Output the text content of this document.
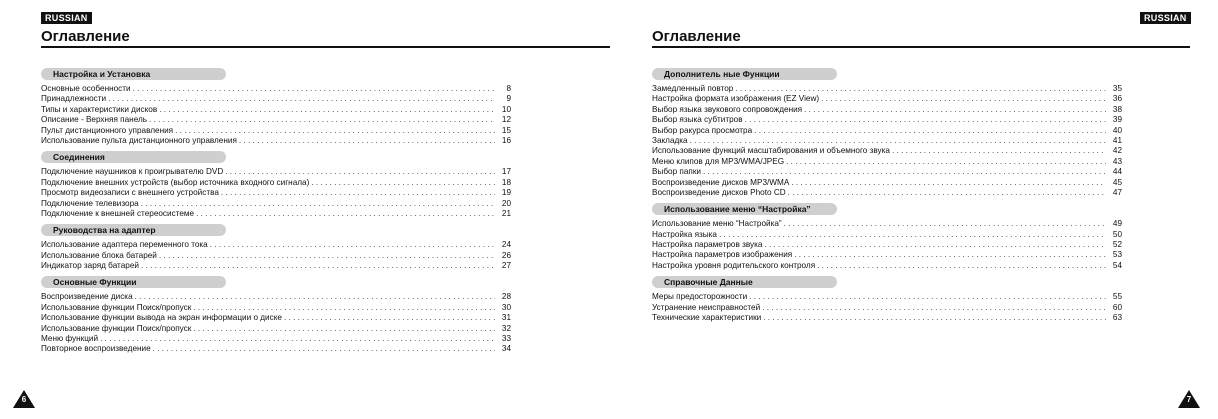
RUSSIAN
Оглавление
Настройка и Установка
Основные особенности . . .	8
Принадлежности . . .	9
Типы и характеристики дисков . . .	10
Описание - Верхняя панель . . .	12
Пульт дистанционного управления . . .	15
Использование пульта дистанционного управления . . .	16
Соединения
Подключение наушников к проигрывателю DVD . . .	17
Подключение внешних устройств (выбор источника входного сигнала) . . .	18
Просмотр видеозаписи с внешнего устройства . . .	19
Подключение телевизора . . .	20
Подключение к внешней стереосистеме . . .	21
Руководства на адаптер
Использование адаптера переменного тока . . .	24
Использование блока батарей . . .	26
Индикатор заряд батарей . . .	27
Основные Функции
Воспроизведение диска . . .	28
Использование функции Поиск/пропуск . . .	30
Использование функции вывода на экран информации о диске . . .	31
Использование функции Поиск/пропуск . . .	32
Меню функций . . .	33
Повторное воспроизведение . . .	34
6
RUSSIAN
Оглавление
Дополнитель ные Функции
Замедленный повтор . . .	35
Настройка формата изображения (EZ View) . . .	36
Выбор языка звукового сопровождения . . .	38
Выбор языка субтитров . . .	39
Выбор ракурса просмотра . . .	40
Закладка . . .	41
Использование функций масштабирования и объемного звука . . .	42
Меню клипов для MP3/WMA/JPEG . . .	43
Выбор папки . . .	44
Воспроизведение дисков MP3/WMA . . .	45
Воспроизведение дисков Photo CD . . .	47
Использование меню “Настройка”
Использование меню “Настройка” . . .	49
Настройка языка . . .	50
Настройка параметров звука . . .	52
Настройка параметров изображения . . .	53
Настройка уровня родительского контроля . . .	54
Справочные Данные
Меры предосторожности . . .	55
Устранение неисправностей . . .	60
Технические характеристики . . .	63
7
